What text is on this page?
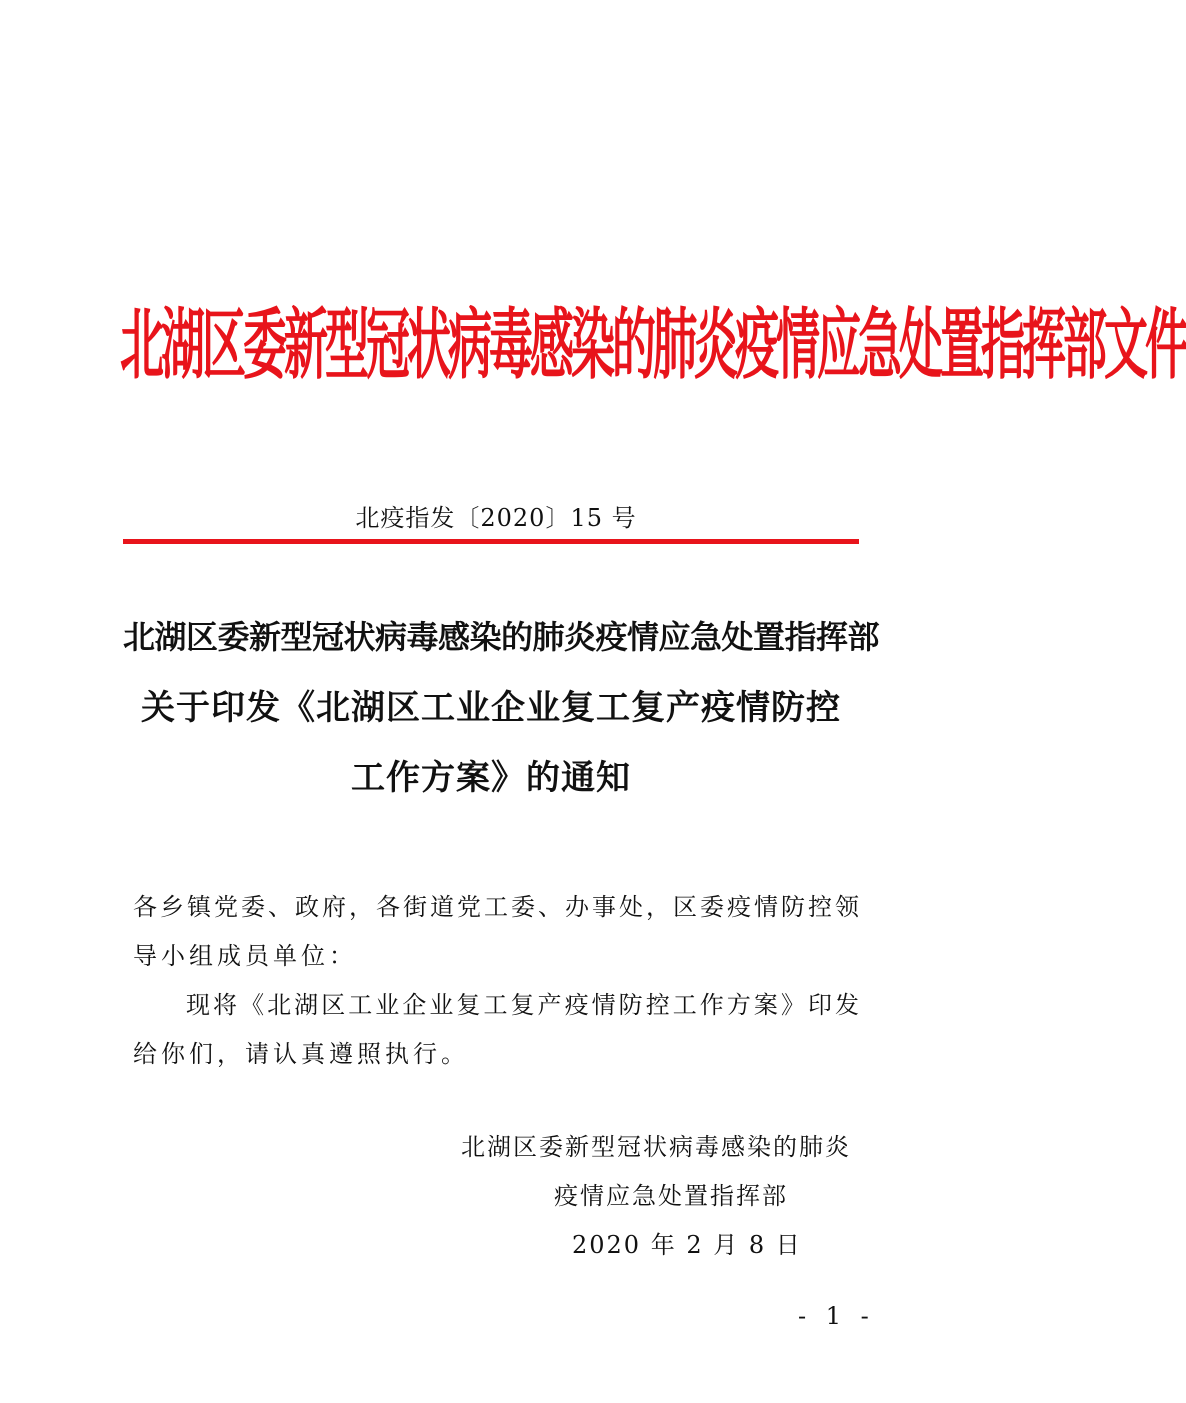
北湖区委新型冠状病毒感染的肺炎疫情应急处置指挥部文件
北疫指发〔2020〕15 号
北湖区委新型冠状病毒感染的肺炎疫情应急处置指挥部
关于印发《北湖区工业企业复工复产疫情防控
工作方案》的通知
各乡镇党委、政府，各街道党工委、办事处，区委疫情防控领
导小组成员单位：
现将《北湖区工业企业复工复产疫情防控工作方案》印发
给你们，请认真遵照执行。
北湖区委新型冠状病毒感染的肺炎
疫情应急处置指挥部
2020 年 2 月 8 日
- 1 -
